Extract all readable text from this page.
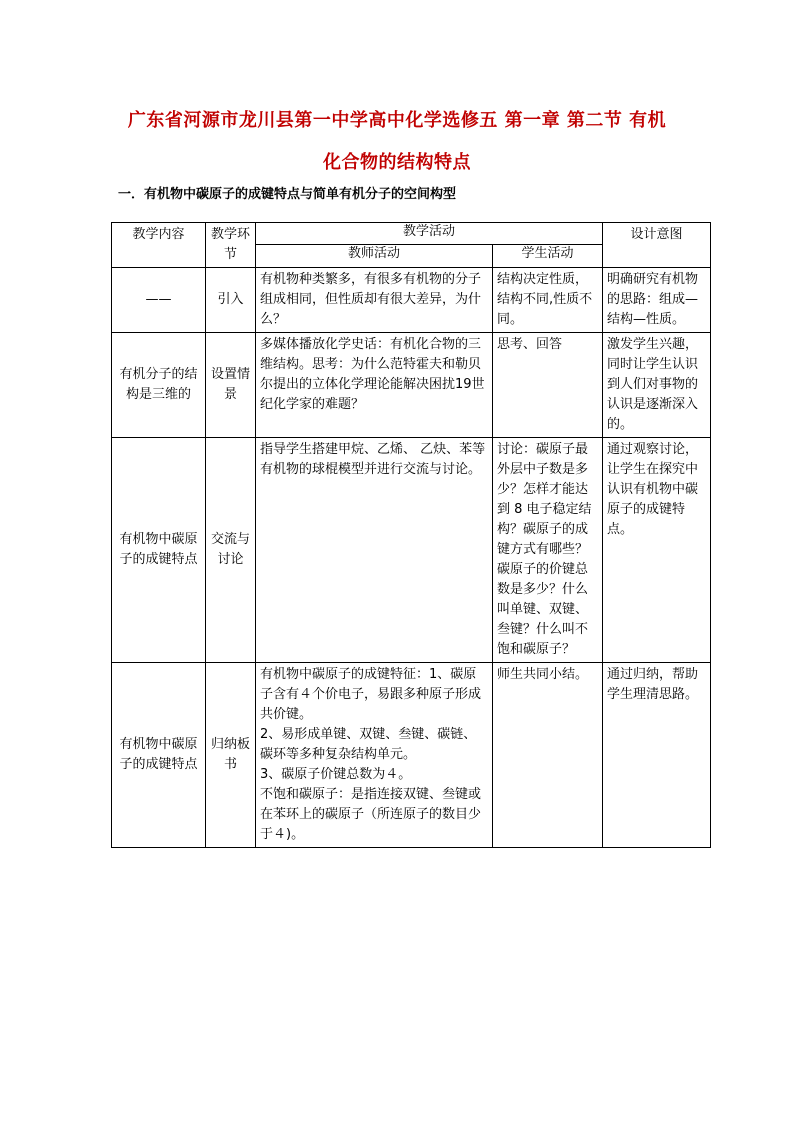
广东省河源市龙川县第一中学高中化学选修五 第一章 第二节 有机
化合物的结构特点
一．有机物中碳原子的成键特点与简单有机分子的空间构型
教学内容	教学环节	教学活动		设计意图
		教师活动	学生活动	
——	引入	有机物种类繁多，有很多有机物的分子组成相同，但性质却有很大差异，为什么？	结构决定性质，结构不同,性质不同。	明确研究有机物的思路：组成—结构—性质。
有机分子的结构是三维的	设置情景	多媒体播放化学史话：有机化合物的三维结构。思考：为什么范特霍夫和勒贝尔提出的立体化学理论能解决困扰19世纪化学家的难题？	思考、回答	激发学生兴趣，同时让学生认识到人们对事物的认识是逐渐深入的。
有机物中碳原子的成键特点	交流与讨论	指导学生搭建甲烷、乙烯、 乙炔、苯等有机物的球棍模型并进行交流与讨论。	讨论：碳原子最外层中子数是多少？怎样才能达到 8 电子稳定结构？碳原子的成键方式有哪些？碳原子的价键总数是多少？什么叫单键、双键、叁键？什么叫不饱和碳原子？	通过观察讨论，让学生在探究中认识有机物中碳原子的成键特点。
有机物中碳原子的成键特点	归纳板书	有机物中碳原子的成键特征：1、碳原子含有４个价电子，易跟多种原子形成共价键。
2、易形成单键、双键、叁键、碳链、碳环等多种复杂结构单元。
3、碳原子价键总数为４。
不饱和碳原子：是指连接双键、叁键或在苯环上的碳原子（所连原子的数目少于４)。	师生共同小结。	通过归纳，帮助学生理清思路。
